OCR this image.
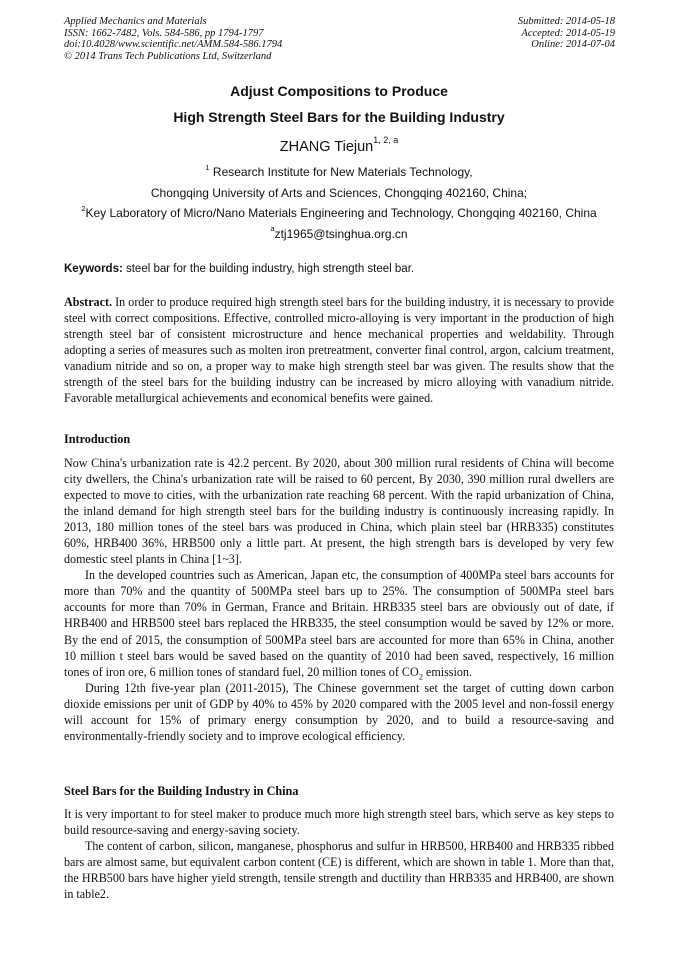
Applied Mechanics and Materials
ISSN: 1662-7482, Vols. 584-586, pp 1794-1797
doi:10.4028/www.scientific.net/AMM.584-586.1794
© 2014 Trans Tech Publications Ltd, Switzerland
Submitted: 2014-05-18
Accepted: 2014-05-19
Online: 2014-07-04
Adjust Compositions to Produce
High Strength Steel Bars for the Building Industry
ZHANG Tiejun$^{1, 2, a}$
$^1$ Research Institute for New Materials Technology,
Chongqing University of Arts and Sciences, Chongqing 402160, China;
$^2$Key Laboratory of Micro/Nano Materials Engineering and Technology, Chongqing 402160, China
$^a$ztj1965@tsinghua.org.cn
Keywords: steel bar for the building industry, high strength steel bar.

Abstract. In order to produce required high strength steel bars for the building industry, it is necessary to provide steel with correct compositions. Effective, controlled micro-alloying is very important in the production of high strength steel bar of consistent microstructure and hence mechanical properties and weldability. Through adopting a series of measures such as molten iron pretreatment, converter final control, argon, calcium treatment, vanadium nitride and so on, a proper way to make high strength steel bar was given. The results show that the strength of the steel bars for the building industry can be increased by micro alloying with vanadium nitride. Favorable metallurgical achievements and economical benefits were gained.

Introduction

Now China's urbanization rate is 42.2 percent. By 2020, about 300 million rural residents of China will become city dwellers, the China's urbanization rate will be raised to 60 percent, By 2030, 390 million rural dwellers are expected to move to cities, with the urbanization rate reaching 68 percent. With the rapid urbanization of China, the inland demand for high strength steel bars for the building industry is continuously increasing rapidly. In 2013, 180 million tones of the steel bars was produced in China, which plain steel bar (HRB335) constitutes 60%, HRB400 36%, HRB500 only a little part. At present, the high strength bars is developed by very few domestic steel plants in China [1~3].

In the developed countries such as American, Japan etc, the consumption of 400MPa steel bars accounts for more than 70% and the quantity of 500MPa steel bars up to 25%. The consumption of 500MPa steel bars accounts for more than 70% in German, France and Britain. HRB335 steel bars are obviously out of date, if HRB400 and HRB500 steel bars replaced the HRB335, the steel consumption would be saved by 12% or more. By the end of 2015, the consumption of 500MPa steel bars are accounted for more than 65% in China, another 10 million t steel bars would be saved based on the quantity of 2010 had been saved, respectively, 16 million tones of iron ore, 6 million tones of standard fuel, 20 million tones of $CO_2$ emission.

During 12th five-year plan (2011-2015), The Chinese government set the target of cutting down carbon dioxide emissions per unit of GDP by 40% to 45% by 2020 compared with the 2005 level and non-fossil energy will account for 15% of primary energy consumption by 2020, and to build a resource-saving and environmentally-friendly society and to improve ecological efficiency.

Steel Bars for the Building Industry in China

It is very important to for steel maker to produce much more high strength steel bars, which serve as key steps to build resource-saving and energy-saving society.

The content of carbon, silicon, manganese, phosphorus and sulfur in HRB500, HRB400 and HRB335 ribbed bars are almost same, but equivalent carbon content (CE) is different, which are shown in table 1. More than that, the HRB500 bars have higher yield strength, tensile strength and ductility than HRB335 and HRB400, are shown in table2.
